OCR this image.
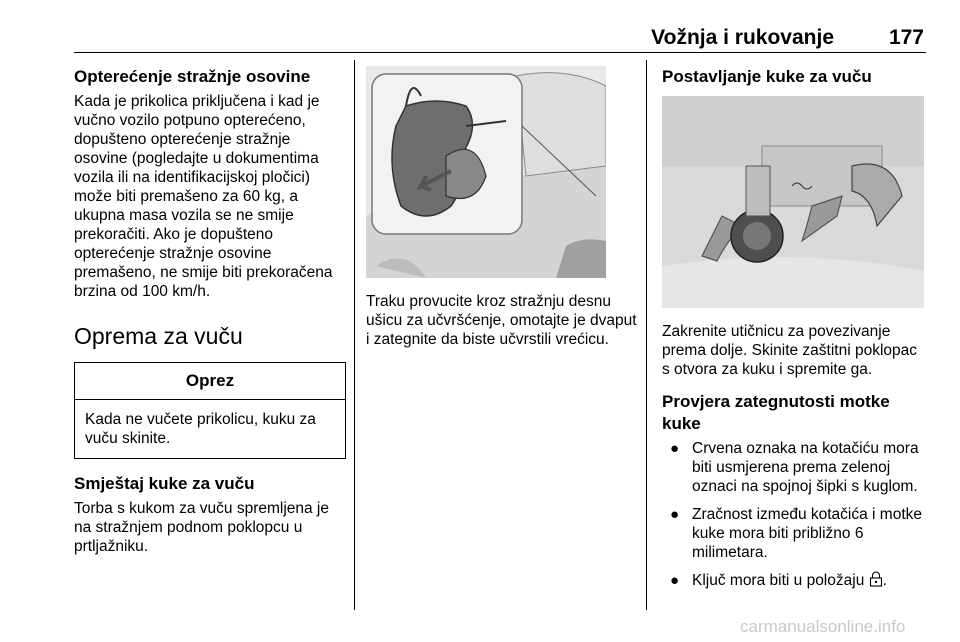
Vožnja i rukovanje	177
Opterećenje stražnje osovine

Kada je prikolica priključena i kad je vučno vozilo potpuno opterećeno, dopušteno opterećenje stražnje osovine (pogledajte u dokumentima vozila ili na identifikacijskoj pločici) može biti premašeno za 60 kg, a ukupna masa vozila se ne smije prekoračiti. Ako je dopušteno opterećenje stražnje osovine premašeno, ne smije biti prekoračena brzina od 100 km/h.

Oprema za vuču
Oprez
Kada ne vučete prikolicu, kuku za vuču skinite.
Smještaj kuke za vuču

Torba s kukom za vuču spremljena je na stražnjem podnom poklopcu u prtljažniku.

Traku provucite kroz stražnju desnu ušicu za učvršćenje, omotajte je dvaput i zategnite da biste učvrstili vrećicu.
Postavljanje kuke za vuču
Zakrenite utičnicu za povezivanje prema dolje. Skinite zaštitni poklopac s otvora za kuku i spremite ga.
Provjera zategnutosti motke kuke
● Crvena oznaka na kotačiću mora biti usmjerena prema zelenoj oznaci na spojnoj šipki s kuglom.
● Zračnost između kotačića i motke kuke mora biti približno 6 milimetara.
● Ključ mora biti u položaju .
carmanualsonline.info
